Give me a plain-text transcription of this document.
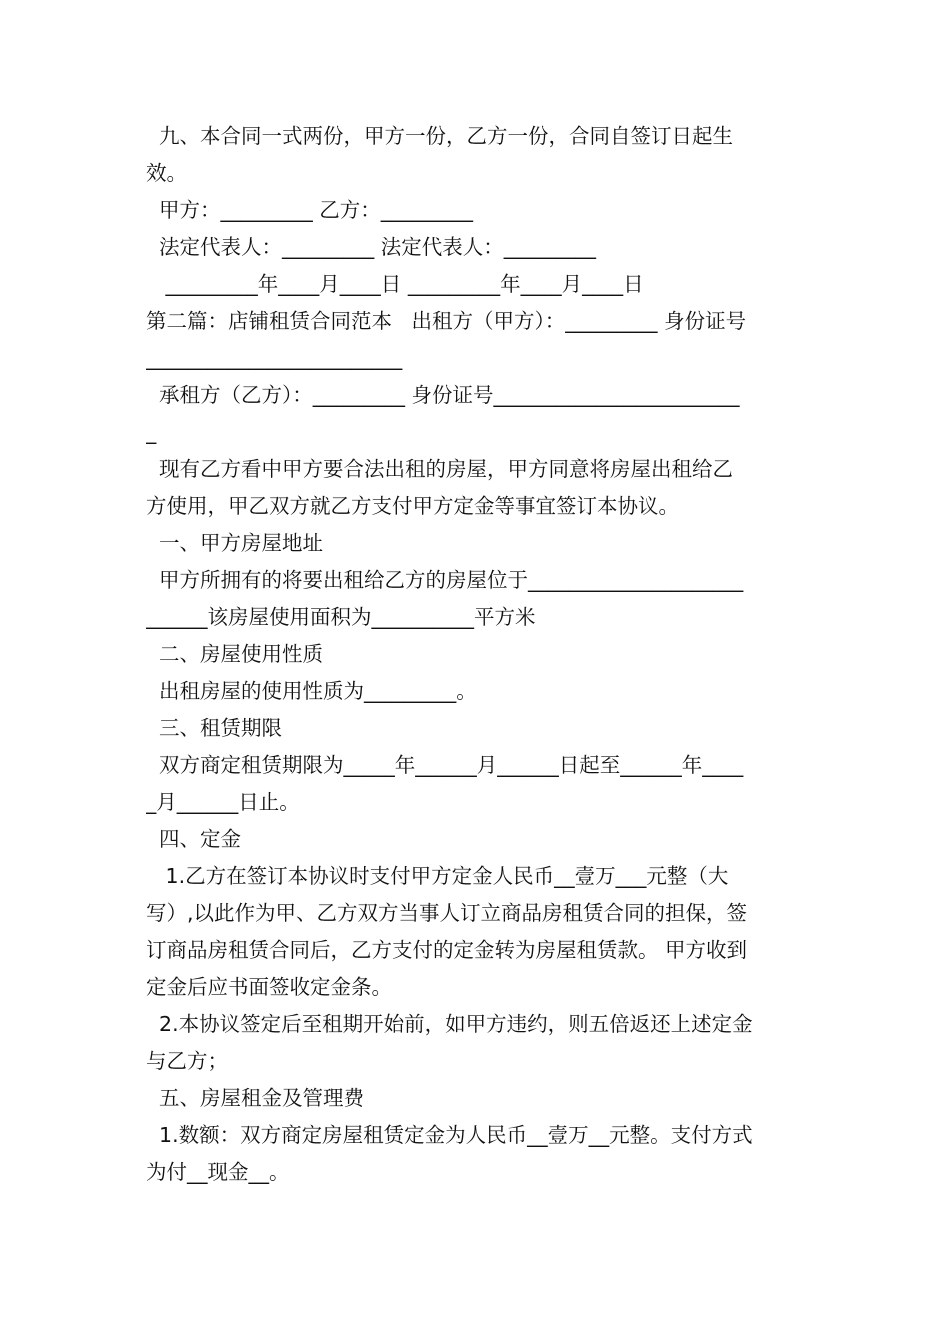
九、本合同一式两份，甲方一份，乙方一份，合同自签订日起生
效。
甲方：_________ 乙方：_________
法定代表人：_________ 法定代表人：_________
_________年____月____日 _________年____月____日
第二篇：店铺租赁合同范本   出租方（甲方）：_________ 身份证号
_________________________
承租方（乙方）：_________ 身份证号________________________
_
现有乙方看中甲方要合法出租的房屋，甲方同意将房屋出租给乙
方使用，甲乙双方就乙方支付甲方定金等事宜签订本协议。
一、甲方房屋地址
甲方所拥有的将要出租给乙方的房屋位于_____________________
______该房屋使用面积为__________平方米
二、房屋使用性质
出租房屋的使用性质为_________。
三、租赁期限
双方商定租赁期限为_____年______月______日起至______年____
_月______日止。
四、定金
1.乙方在签订本协议时支付甲方定金人民币__壹万___元整（大
写）,以此作为甲、乙方双方当事人订立商品房租赁合同的担保，签
订商品房租赁合同后，乙方支付的定金转为房屋租赁款。 甲方收到
定金后应书面签收定金条。
2.本协议签定后至租期开始前，如甲方违约，则五倍返还上述定金
与乙方；
五、房屋租金及管理费
1.数额：双方商定房屋租赁定金为人民币__壹万__元整。支付方式
为付__现金__。
